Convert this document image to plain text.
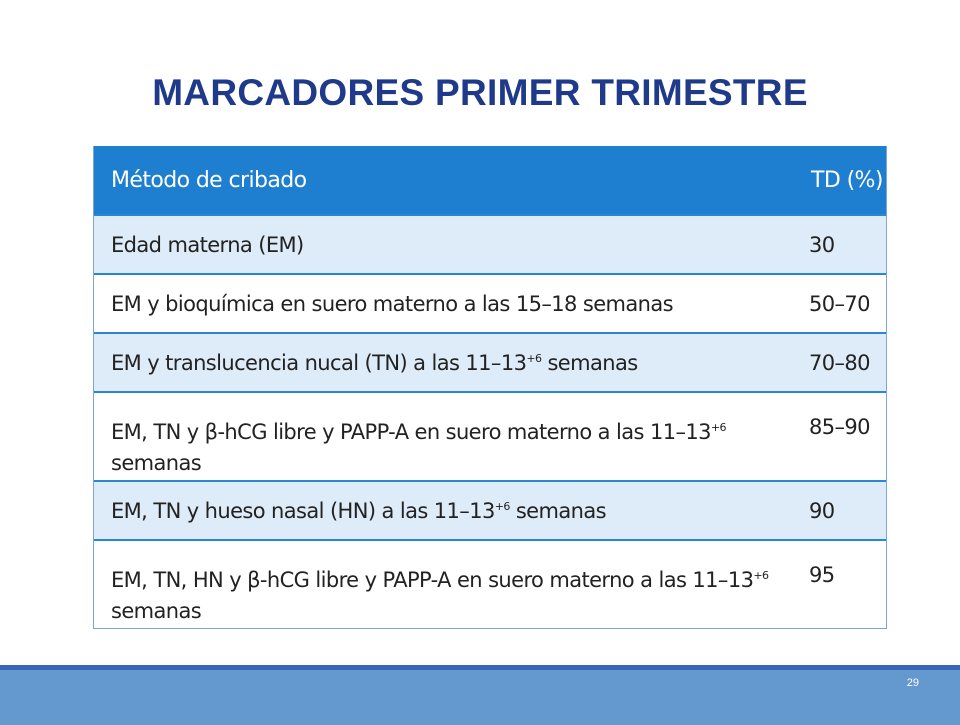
MARCADORES PRIMER TRIMESTRE
Método de cribado	TD (%)
Edad materna (EM)	30
EM y bioquímica en suero materno a las 15–18 semanas	50–70
EM y translucencia nucal (TN) a las $11-13^{+6}$ semanas	70–80
EM, TN y β-hCG libre y PAPP-A en suero materno a las $11-13^{+6}$ semanas	85–90
EM, TN y hueso nasal (HN) a las $11-13^{+6}$ semanas	90
EM, TN, HN y β-hCG libre y PAPP-A en suero materno a las $11-13^{+6}$ semanas	95
29
